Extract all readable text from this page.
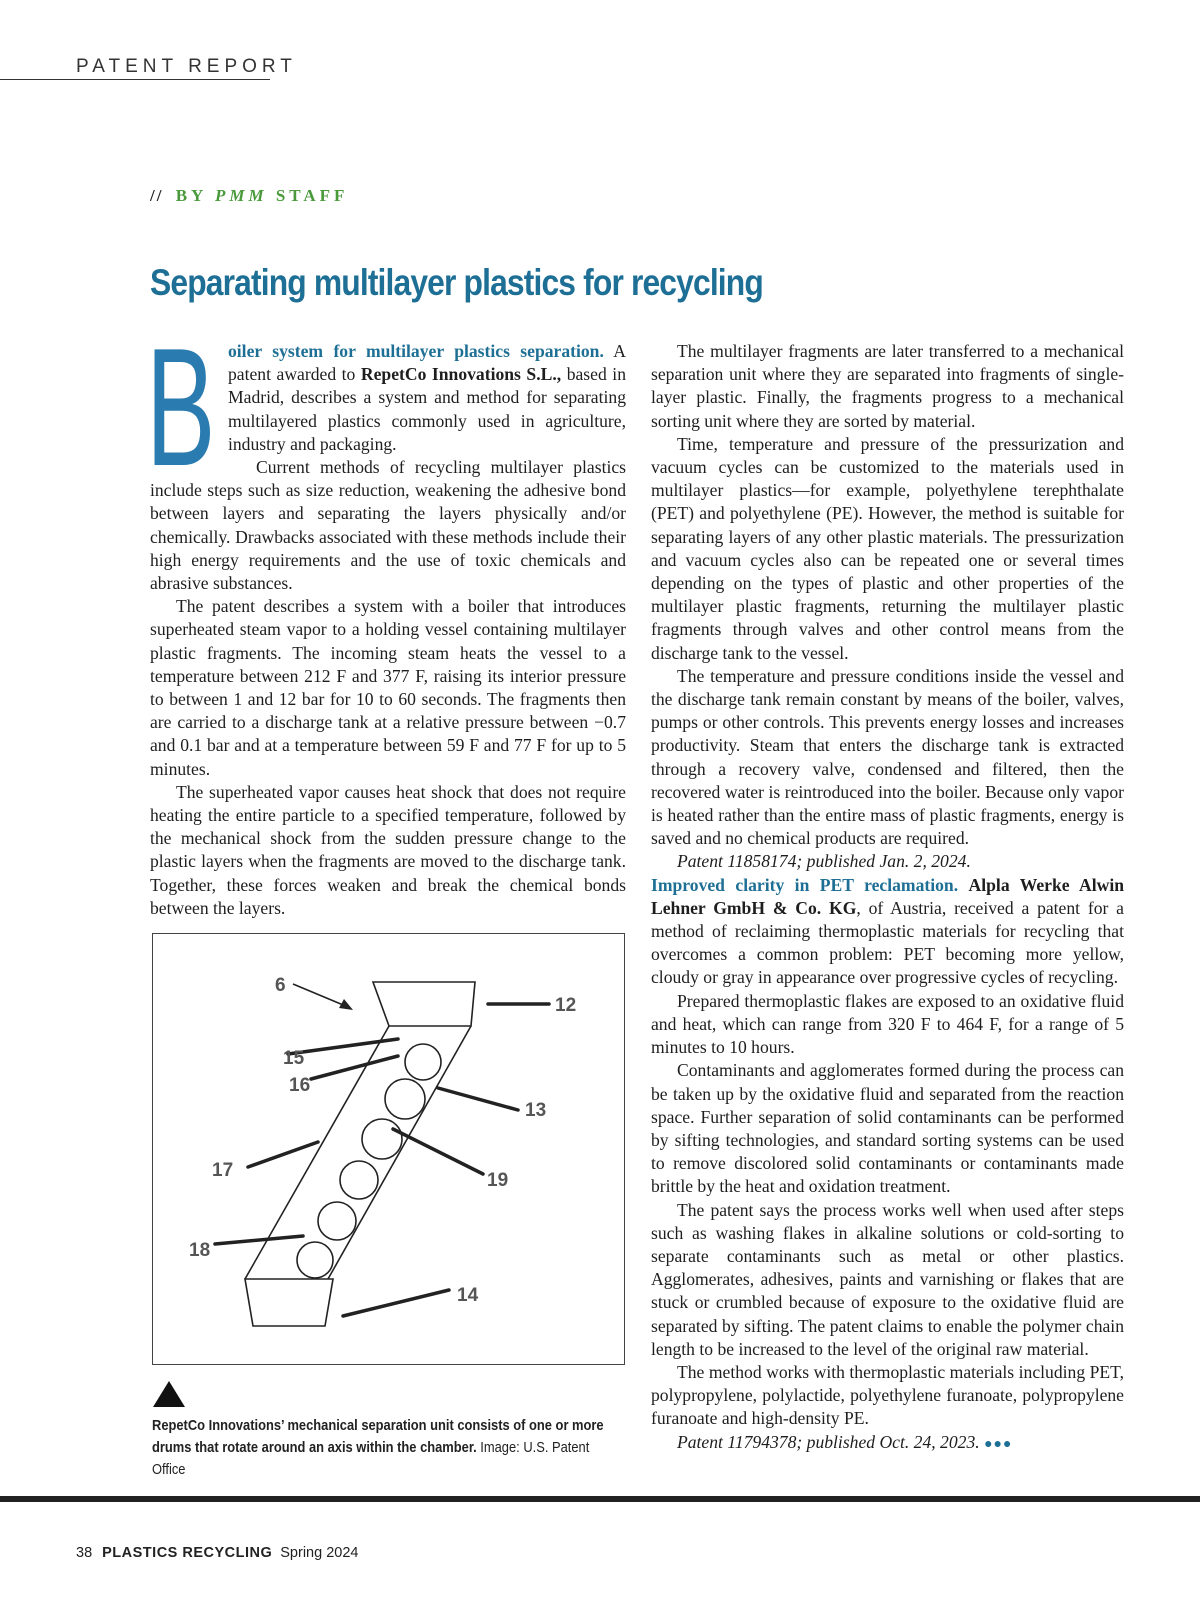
PATENT REPORT
// BY PMM STAFF
Separating multilayer plastics for recycling

Boiler system for multilayer plastics separation. A patent awarded to RepetCo Innovations S.L., based in Madrid, describes a system and method for separating multilayered plastics commonly used in agriculture, industry and packaging.

Current methods of recycling multilayer plastics include steps such as size reduction, weakening the adhesive bond between layers and separating the layers physically and/or chemically. Drawbacks associated with these methods include their high energy requirements and the use of toxic chemicals and abrasive substances.

The patent describes a system with a boiler that introduces superheated steam vapor to a holding vessel containing multilayer plastic fragments. The incoming steam heats the vessel to a temperature between 212 F and 377 F, raising its interior pressure to between 1 and 12 bar for 10 to 60 seconds. The fragments then are carried to a discharge tank at a relative pressure between −0.7 and 0.1 bar and at a temperature between 59 F and 77 F for up to 5 minutes.

The superheated vapor causes heat shock that does not require heating the entire particle to a specified temperature, followed by the mechanical shock from the sudden pressure change to the plastic layers when the fragments are moved to the discharge tank. Together, these forces weaken and break the chemical bonds between the layers.

6
12
15
16
13
17	19
18
14
RepetCo Innovations’ mechanical separation unit consists of one or more drums that rotate around an axis within the chamber. Image: U.S. Patent Office

The multilayer fragments are later transferred to a mechanical separation unit where they are separated into fragments of single-layer plastic. Finally, the fragments progress to a mechanical sorting unit where they are sorted by material.

Time, temperature and pressure of the pressurization and vacuum cycles can be customized to the materials used in multilayer plastics—for example, polyethylene terephthalate (PET) and polyethylene (PE). However, the method is suitable for separating layers of any other plastic materials. The pressurization and vacuum cycles also can be repeated one or several times depending on the types of plastic and other properties of the multilayer plastic fragments, returning the multilayer plastic fragments through valves and other control means from the discharge tank to the vessel.

The temperature and pressure conditions inside the vessel and the discharge tank remain constant by means of the boiler, valves, pumps or other controls. This prevents energy losses and increases productivity. Steam that enters the discharge tank is extracted through a recovery valve, condensed and filtered, then the recovered water is reintroduced into the boiler. Because only vapor is heated rather than the entire mass of plastic fragments, energy is saved and no chemical products are required.

Patent 11858174; published Jan. 2, 2024.

Improved clarity in PET reclamation. Alpla Werke Alwin Lehner GmbH & Co. KG, of Austria, received a patent for a method of reclaiming thermoplastic materials for recycling that overcomes a common problem: PET becoming more yellow, cloudy or gray in appearance over progressive cycles of recycling.

Prepared thermoplastic flakes are exposed to an oxidative fluid and heat, which can range from 320 F to 464 F, for a range of 5 minutes to 10 hours.

Contaminants and agglomerates formed during the process can be taken up by the oxidative fluid and separated from the reaction space. Further separation of solid contaminants can be performed by sifting technologies, and standard sorting systems can be used to remove discolored solid contaminants or contaminants made brittle by the heat and oxidation treatment.

The patent says the process works well when used after steps such as washing flakes in alkaline solutions or cold-sorting to separate contaminants such as metal or other plastics. Agglomerates, adhesives, paints and varnishing or flakes that are stuck or crumbled because of exposure to the oxidative fluid are separated by sifting. The patent claims to enable the polymer chain length to be increased to the level of the original raw material.

The method works with thermoplastic materials including PET, polypropylene, polylactide, polyethylene furanoate, polypropylene furanoate and high-density PE.

Patent 11794378; published Oct. 24, 2023. ●●●

38 PLASTICS RECYCLING Spring 2024
